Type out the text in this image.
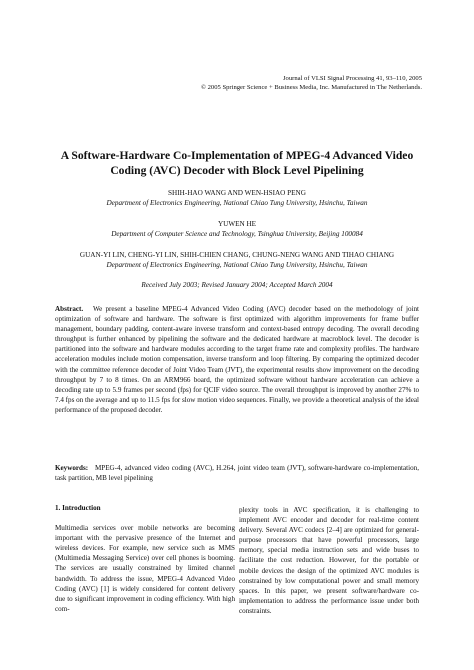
Journal of VLSI Signal Processing 41, 93–110, 2005
© 2005 Springer Science + Business Media, Inc. Manufactured in The Netherlands.
A Software-Hardware Co-Implementation of MPEG-4 Advanced Video
Coding (AVC) Decoder with Block Level Pipelining
SHIH-HAO WANG AND WEN-HSIAO PENG
Department of Electronics Engineering, National Chiao Tung University, Hsinchu, Taiwan
YUWEN HE
Department of Computer Science and Technology, Tsinghua University, Beijing 100084
GUAN-YI LIN, CHENG-YI LIN, SHIH-CHIEN CHANG, CHUNG-NENG WANG AND TIHAO CHIANG
Department of Electronics Engineering, National Chiao Tung University, Hsinchu, Taiwan
Received July 2003; Revised January 2004; Accepted March 2004
Abstract. We present a baseline MPEG-4 Advanced Video Coding (AVC) decoder based on the methodology of joint optimization of software and hardware. The software is first optimized with algorithm improvements for frame buffer management, boundary padding, content-aware inverse transform and context-based entropy decoding. The overall decoding throughput is further enhanced by pipelining the software and the dedicated hardware at macroblock level. The decoder is partitioned into the software and hardware modules according to the target frame rate and complexity profiles. The hardware acceleration modules include motion compensation, inverse transform and loop filtering. By comparing the optimized decoder with the committee reference decoder of Joint Video Team (JVT), the experimental results show improvement on the decoding throughput by 7 to 8 times. On an ARM966 board, the optimized software without hardware acceleration can achieve a decoding rate up to 5.9 frames per second (fps) for QCIF video source. The overall throughput is improved by another 27% to 7.4 fps on the average and up to 11.5 fps for slow motion video sequences. Finally, we provide a theoretical analysis of the ideal performance of the proposed decoder.
Keywords: MPEG-4, advanced video coding (AVC), H.264, joint video team (JVT), software-hardware co-implementation, task partition, MB level pipelining
1. Introduction

Multimedia services over mobile networks are becoming important with the pervasive presence of the Internet and wireless devices. For example, new service such as MMS (Multimedia Messaging Service) over cell phones is booming. The services are usually constrained by limited channel bandwidth. To address the issue, MPEG-4 Advanced Video Coding (AVC) [1] is widely considered for content delivery due to significant improvement in coding efficiency. With high com-

plexity tools in AVC specification, it is challenging to implement AVC encoder and decoder for real-time content delivery. Several AVC codecs [2–4] are optimized for general-purpose processors that have powerful processors, large memory, special media instruction sets and wide buses to facilitate the cost reduction. However, for the portable or mobile devices the design of the optimized AVC modules is constrained by low computational power and small memory spaces. In this paper, we present software/hardware co-implementation to address the performance issue under both constraints.
